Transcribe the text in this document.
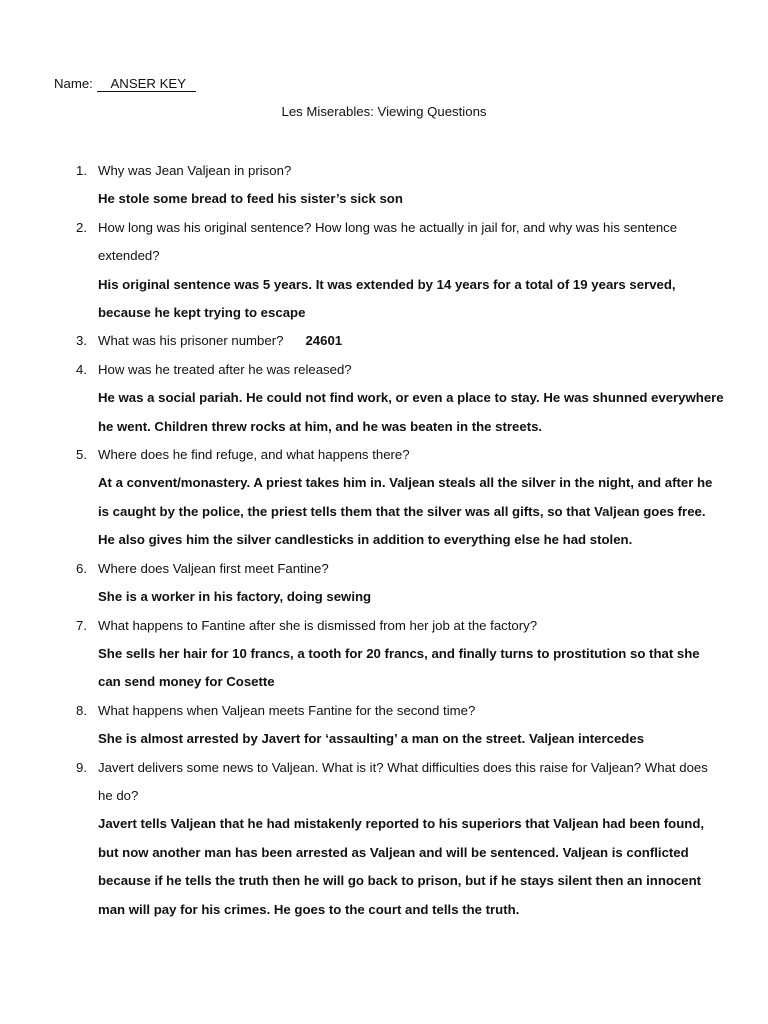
Name: ANSER KEY
Les Miserables: Viewing Questions
1. Why was Jean Valjean in prison?
He stole some bread to feed his sister’s sick son
2. How long was his original sentence? How long was he actually in jail for, and why was his sentence extended?
His original sentence was 5 years. It was extended by 14 years for a total of 19 years served, because he kept trying to escape
3. What was his prisoner number? 24601
4. How was he treated after he was released?
He was a social pariah. He could not find work, or even a place to stay. He was shunned everywhere he went. Children threw rocks at him, and he was beaten in the streets.
5. Where does he find refuge, and what happens there?
At a convent/monastery. A priest takes him in. Valjean steals all the silver in the night, and after he is caught by the police, the priest tells them that the silver was all gifts, so that Valjean goes free. He also gives him the silver candlesticks in addition to everything else he had stolen.
6. Where does Valjean first meet Fantine?
She is a worker in his factory, doing sewing
7. What happens to Fantine after she is dismissed from her job at the factory?
She sells her hair for 10 francs, a tooth for 20 francs, and finally turns to prostitution so that she can send money for Cosette
8. What happens when Valjean meets Fantine for the second time?
She is almost arrested by Javert for ‘assaulting’ a man on the street. Valjean intercedes
9. Javert delivers some news to Valjean. What is it? What difficulties does this raise for Valjean? What does he do?
Javert tells Valjean that he had mistakenly reported to his superiors that Valjean had been found, but now another man has been arrested as Valjean and will be sentenced. Valjean is conflicted because if he tells the truth then he will go back to prison, but if he stays silent then an innocent man will pay for his crimes. He goes to the court and tells the truth.
